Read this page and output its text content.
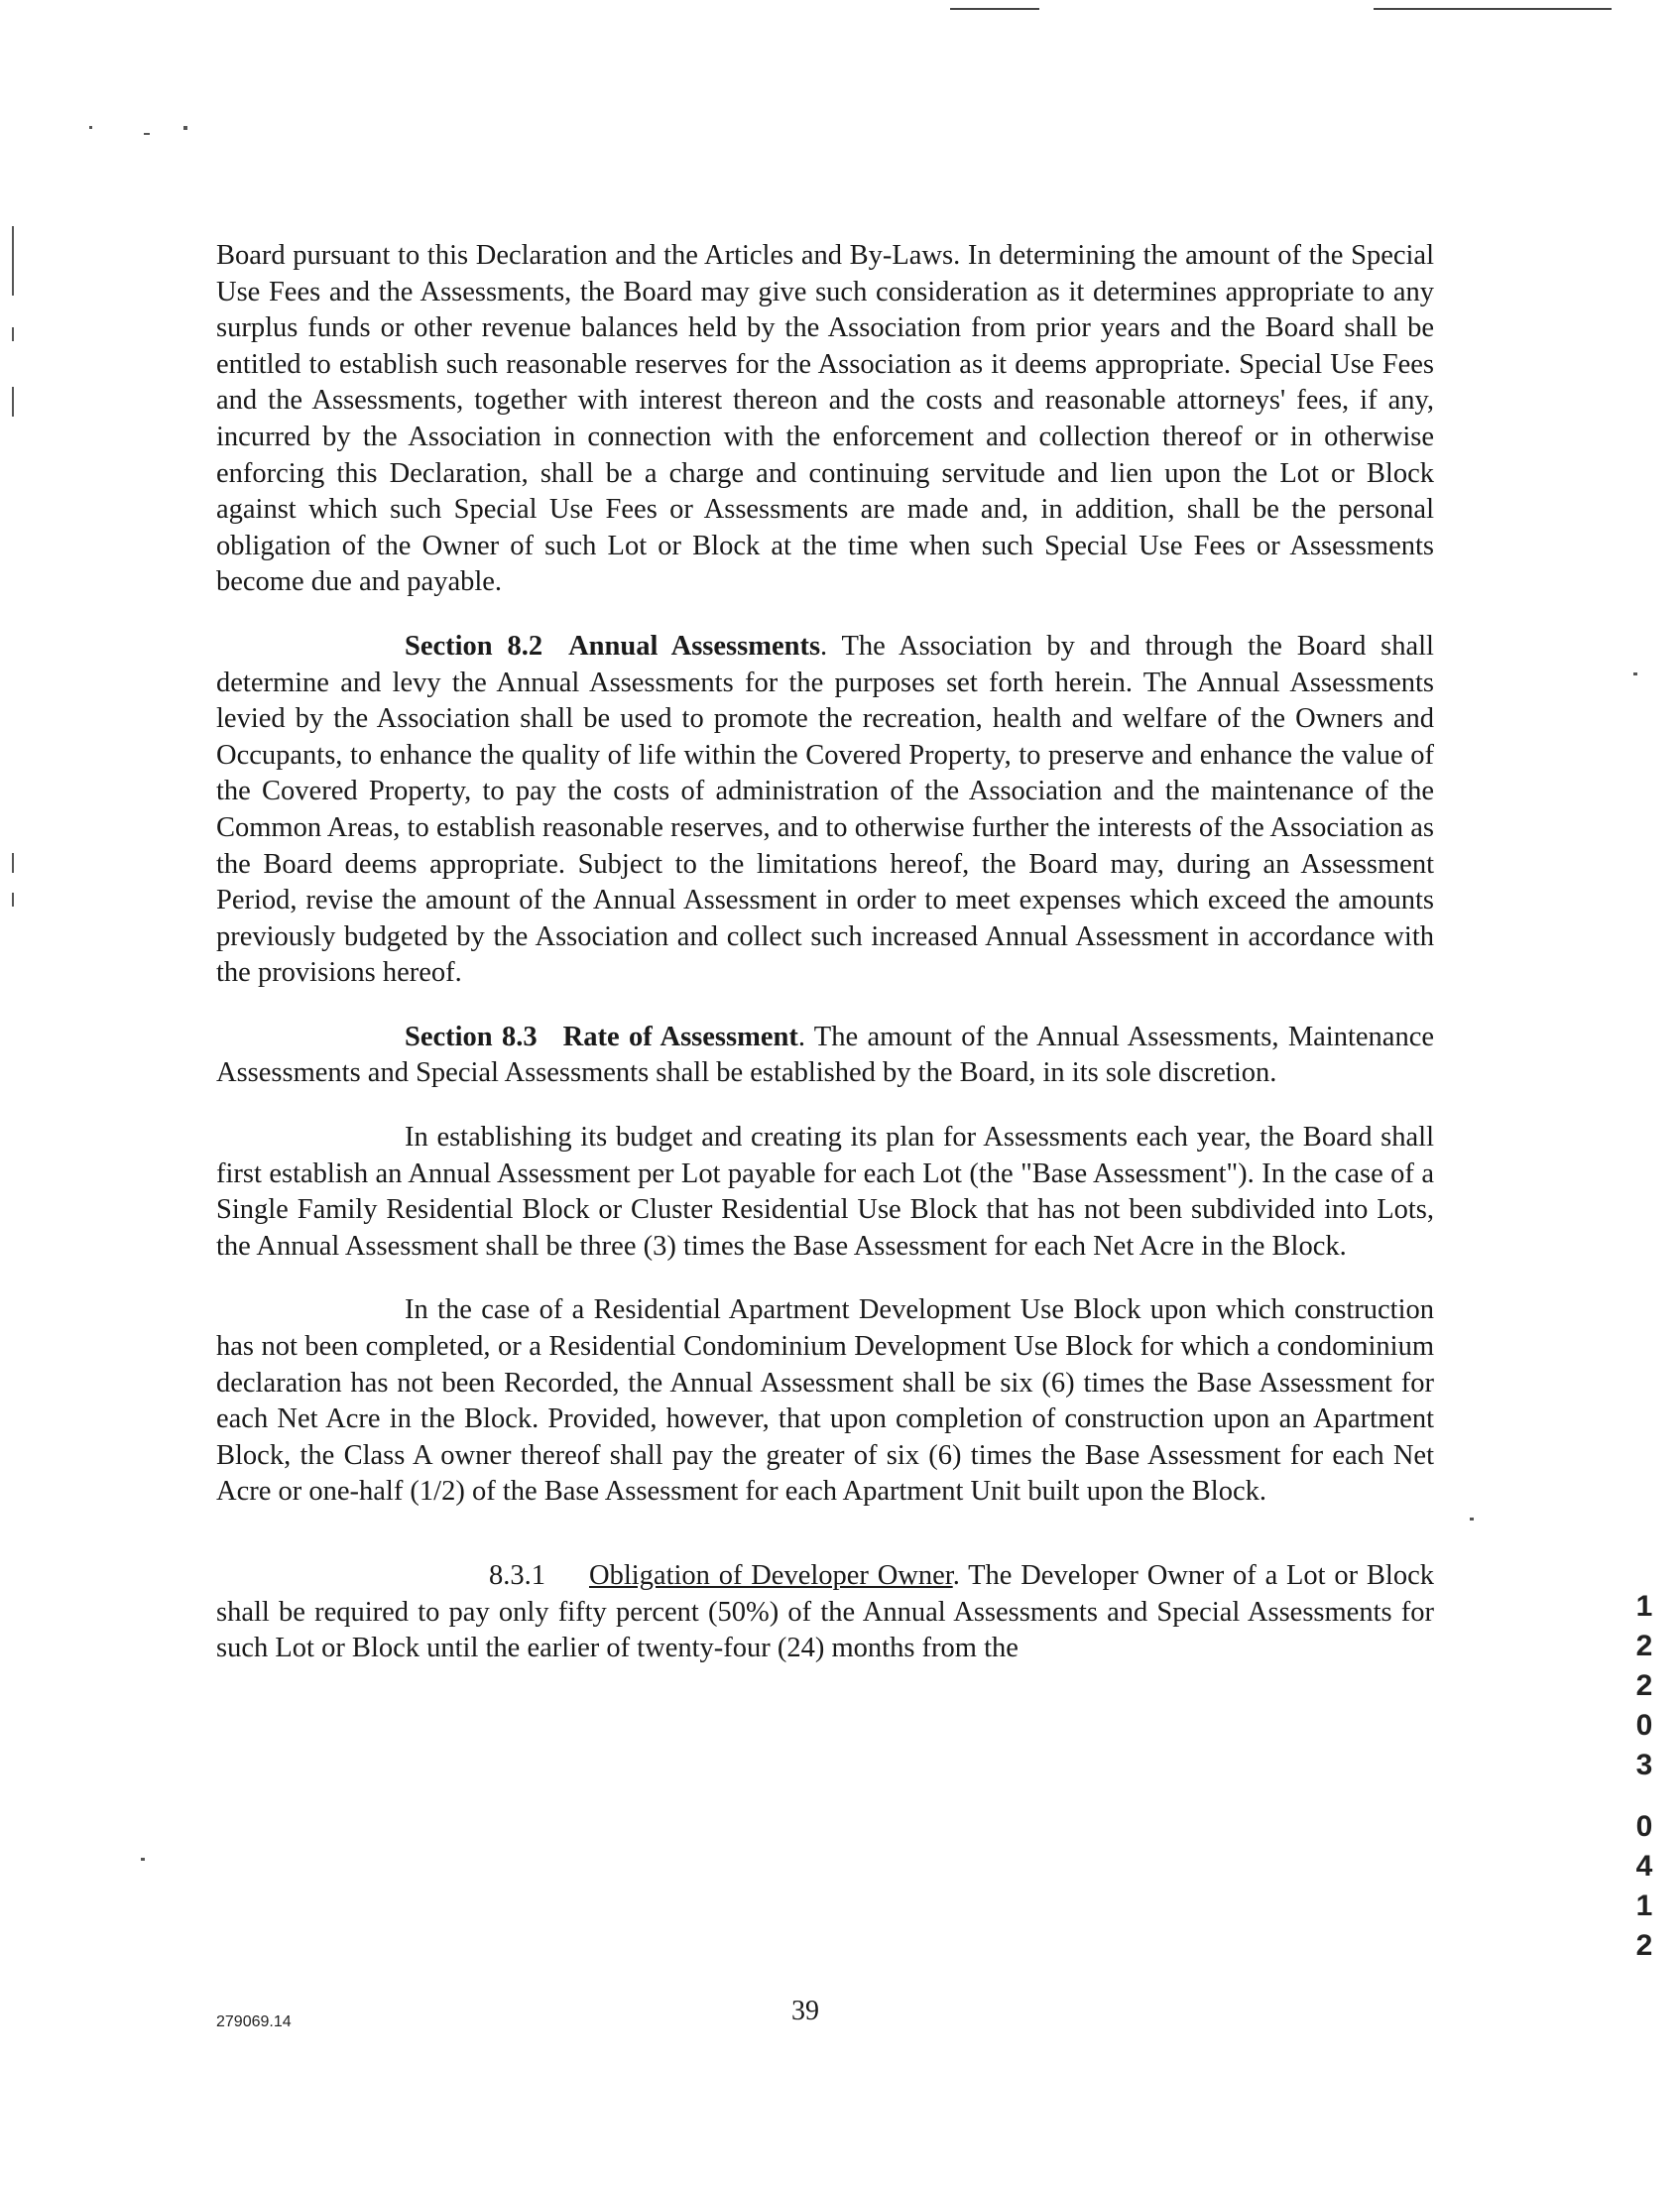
Board pursuant to this Declaration and the Articles and By-Laws. In determining the amount of the Special Use Fees and the Assessments, the Board may give such consideration as it determines appropriate to any surplus funds or other revenue balances held by the Association from prior years and the Board shall be entitled to establish such reasonable reserves for the Association as it deems appropriate. Special Use Fees and the Assessments, together with interest thereon and the costs and reasonable attorneys' fees, if any, incurred by the Association in connection with the enforcement and collection thereof or in otherwise enforcing this Declaration, shall be a charge and continuing servitude and lien upon the Lot or Block against which such Special Use Fees or Assessments are made and, in addition, shall be the personal obligation of the Owner of such Lot or Block at the time when such Special Use Fees or Assessments become due and payable.

Section 8.2 Annual Assessments. The Association by and through the Board shall determine and levy the Annual Assessments for the purposes set forth herein. The Annual Assessments levied by the Association shall be used to promote the recreation, health and welfare of the Owners and Occupants, to enhance the quality of life within the Covered Property, to preserve and enhance the value of the Covered Property, to pay the costs of administration of the Association and the maintenance of the Common Areas, to establish reasonable reserves, and to otherwise further the interests of the Association as the Board deems appropriate. Subject to the limitations hereof, the Board may, during an Assessment Period, revise the amount of the Annual Assessment in order to meet expenses which exceed the amounts previously budgeted by the Association and collect such increased Annual Assessment in accordance with the provisions hereof.

Section 8.3 Rate of Assessment. The amount of the Annual Assessments, Maintenance Assessments and Special Assessments shall be established by the Board, in its sole discretion.

In establishing its budget and creating its plan for Assessments each year, the Board shall first establish an Annual Assessment per Lot payable for each Lot (the "Base Assessment"). In the case of a Single Family Residential Block or Cluster Residential Use Block that has not been subdivided into Lots, the Annual Assessment shall be three (3) times the Base Assessment for each Net Acre in the Block.

In the case of a Residential Apartment Development Use Block upon which construction has not been completed, or a Residential Condominium Development Use Block for which a condominium declaration has not been Recorded, the Annual Assessment shall be six (6) times the Base Assessment for each Net Acre in the Block. Provided, however, that upon completion of construction upon an Apartment Block, the Class A owner thereof shall pay the greater of six (6) times the Base Assessment for each Net Acre or one-half (1/2) of the Base Assessment for each Apartment Unit built upon the Block.

8.3.1 Obligation of Developer Owner. The Developer Owner of a Lot or Block shall be required to pay only fifty percent (50%) of the Annual Assessments and Special Assessments for such Lot or Block until the earlier of twenty-four (24) months from the

279069.14	39
1
2
2
0
3
0
4
1
2
